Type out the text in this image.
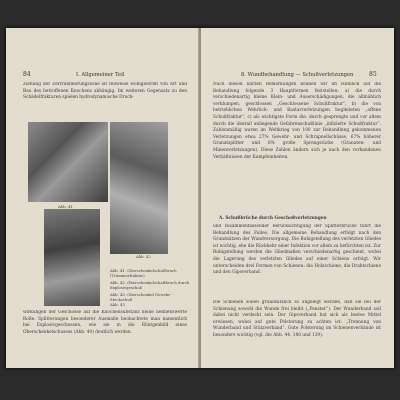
84	I. Allgemeiner Teil
Ziehung der Zertrümmerungszone ist teilweise wohlgeformt von Art und Bau des betroffenen Knochens abhängig. Im weiteren Gegensatz zu den Schädelfrakturen spielen hydrodynamische Druck-
Abb. 41
Abb. 43
Abb. 42
Abb. 41. Oberschenkelschußbruch (Trümmerfraktur)
Abb. 42. Oberschenkelschaftbruch durch Explosivgeschoß
Abb. 43. Oberschenkel Gewehr-Steckschuß
wirkungen der Geschosse auf die Knochensubstanz keine nennenswerte Rolle. Splitterungen besonderer Ausmaße beobachtete man namentlich bei Explosivgeschossen, wie sie in die Röntgenbild eines Oberschenkelschusses (Abb. 40) deutlich werden.
8. Wundbehandlung — Schußverletzungen	85
Nach diesen kurzen Bemerkungen können wir im Hinblick auf die Behandlung folgende 3 Hauptformen feststellen: a) die durch verschiedenartig kleine Klein- und Auserschädigungen, die allmählich verklumpen, geschlossen „Geschlossene Schußfraktur“, b) die von betrieblichen Wehrlich- und Bastarverletzungen begleiteten „offene Schußfraktur“, c) als wichtigste Form die, durch gesprengte und vor allem durch die überall anliegende Gefahrenschußlinie „infizierte Schußfraktur“. Zahlenmäßig waren im Weltkrieg von 100 zur Behandlung gekommenen Verletzungen etwa 27% Gewehr- und Schrapnellschüsse, 67% höherer Granatsplitter und 6% große Sprengstücke (Granaten- und Minenverletzungen). Diese Zahlen ändern sich je nach den vorhandenen Verhältnissen der Kampfeinheiten.
A. Schußbrüche durch Geschoßverletzungen
und zusammenfassender Berücksichtigung der Splitterbrüche führt die Behandlung des Falles. Die allgemeine Behandlung erfolgt nach den Grundsätzen der Wundversorgung. Die Ruhigstellung des verletzten Gliedes ist wichtig, ehe die Rückkehr einer Infektion vor allem zu befürchten ist. Zur Ruhigstellung werden die Gliedmaßen verschiedenartig geschient, wobei die Lagerung des verletzten Gliedes auf einer Schiene erfolgt. Wir unterscheiden drei Formen von Schienen: die Holzschiene, die Drahtschiene und den Gipsverband.
Die Schienen sollen grundsätzlich so angelegt werden, daß sie bei der Schienung sowohl die Wunde frei bleibt („Fenster“). Der Wunderband soll dabei nicht verdeckt sein. Der Gipsverband hat sich als bestes Mittel erwiesen, wobei auf gute Polsterung zu achten ist: „Trennung von Wunderband und Stützverband“. Gute Polsterung im Schienenverbände ist besonders wichtig (vgl. die Abb. 44, 186 und 139).
